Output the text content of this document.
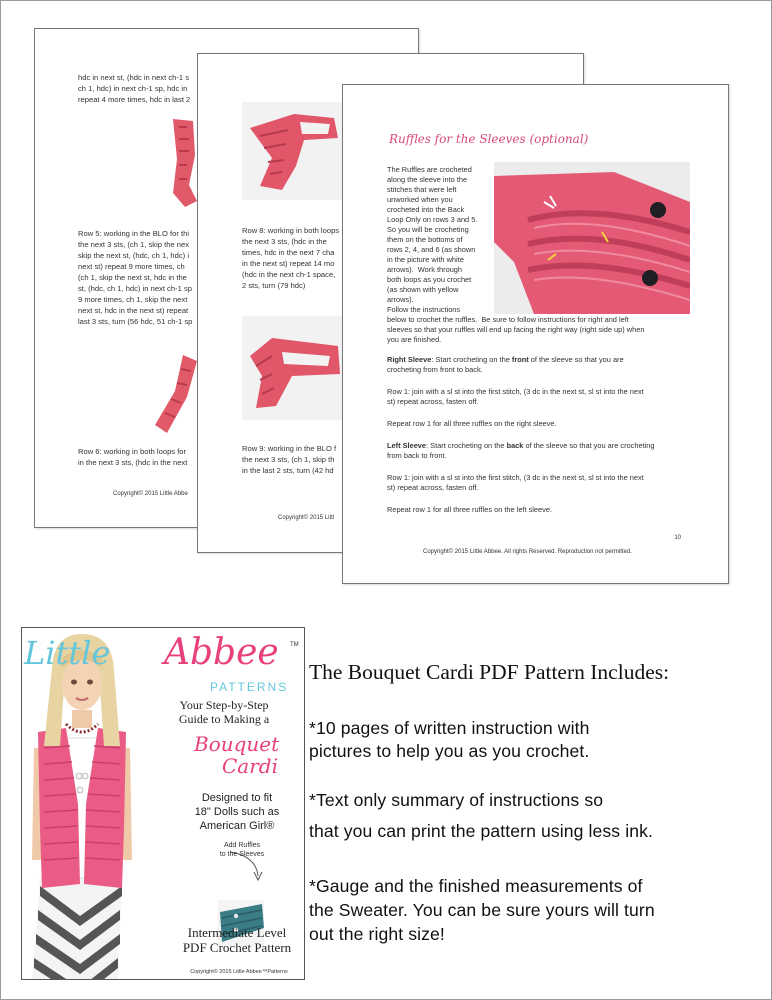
hdc in next st, (hdc in next ch-1 s
ch 1, hdc) in next ch-1 sp, hdc in
repeat 4 more times, hdc in last 2
Row 5: working in the BLO for thi
the next 3 sts, (ch 1, skip the nex
skip the next st, (hdc, ch 1, hdc) i
next st) repeat 9 more times, ch
(ch 1, skip the next st, hdc in the
st, (hdc, ch 1, hdc) in next ch-1 sp
9 more times, ch 1, skip the next
next st, hdc in the next st) repeat
last 3 sts, turn (56 hdc, 51 ch-1 sp
Row 6: working in both loops for
in the next 3 sts, (hdc in the next
Copyright© 2015 Little Abbe
Row 8: working in both loops
the next 3 sts, (hdc in the
times, hdc in the next 7 cha
in the next st) repeat 14 mo
(hdc in the next ch-1 space,
2 sts, turn (79 hdc)
Row 9: working in the BLO f
the next 3 sts, (ch 1, skip th
in the last 2 sts, turn (42 hd
Copyright© 2015 Littl
Ruffles for the Sleeves (optional)
The Ruffles are crocheted
along the sleeve into the
stitches that were left
unworked when you
crocheted into the Back
Loop Only on rows 3 and 5.
So you will be crocheting
them on the bottoms of
rows 2, 4, and 6 (as shown
in the picture with white
arrows).  Work through
both loops as you crochet
(as shown with yellow
arrows).
Follow the instructions
below to crochet the ruffles.  Be sure to follow instructions for right and left
sleeves so that your ruffles will end up facing the right way (right side up) when
you are finished.
Right Sleeve: Start crocheting on the front of the sleeve so that you are
crocheting from front to back.
Row 1: join with a sl st into the first stitch, (3 dc in the next st, sl st into the next
st) repeat across, fasten off.
Repeat row 1 for all three ruffles on the right sleeve.
Left Sleeve: Start crocheting on the back of the sleeve so that you are crocheting
from back to front.
Row 1: join with a sl st into the first stitch, (3 dc in the next st, sl st into the next
st) repeat across, fasten off.
Repeat row 1 for all three ruffles on the left sleeve.
10
Copyright© 2015 Little Abbee. All rights Reserved. Reproduction not permitted.
Little Abbee TM
PATTERNS
Your Step-by-Step
Guide to Making a
Bouquet
Cardi
Designed to fit
18" Dolls such as
American Girl®
Add Ruffles
to the Sleeves
Intermediate Level
PDF Crochet Pattern
Copyright© 2015 Little Abbee™Patterns
The Bouquet Cardi PDF Pattern Includes:
*10 pages of written instruction with
pictures to help you as you crochet.
*Text only summary of instructions so
that you can print the pattern using less ink.
*Gauge and the finished measurements of
the Sweater. You can be sure yours will turn
out the right size!
